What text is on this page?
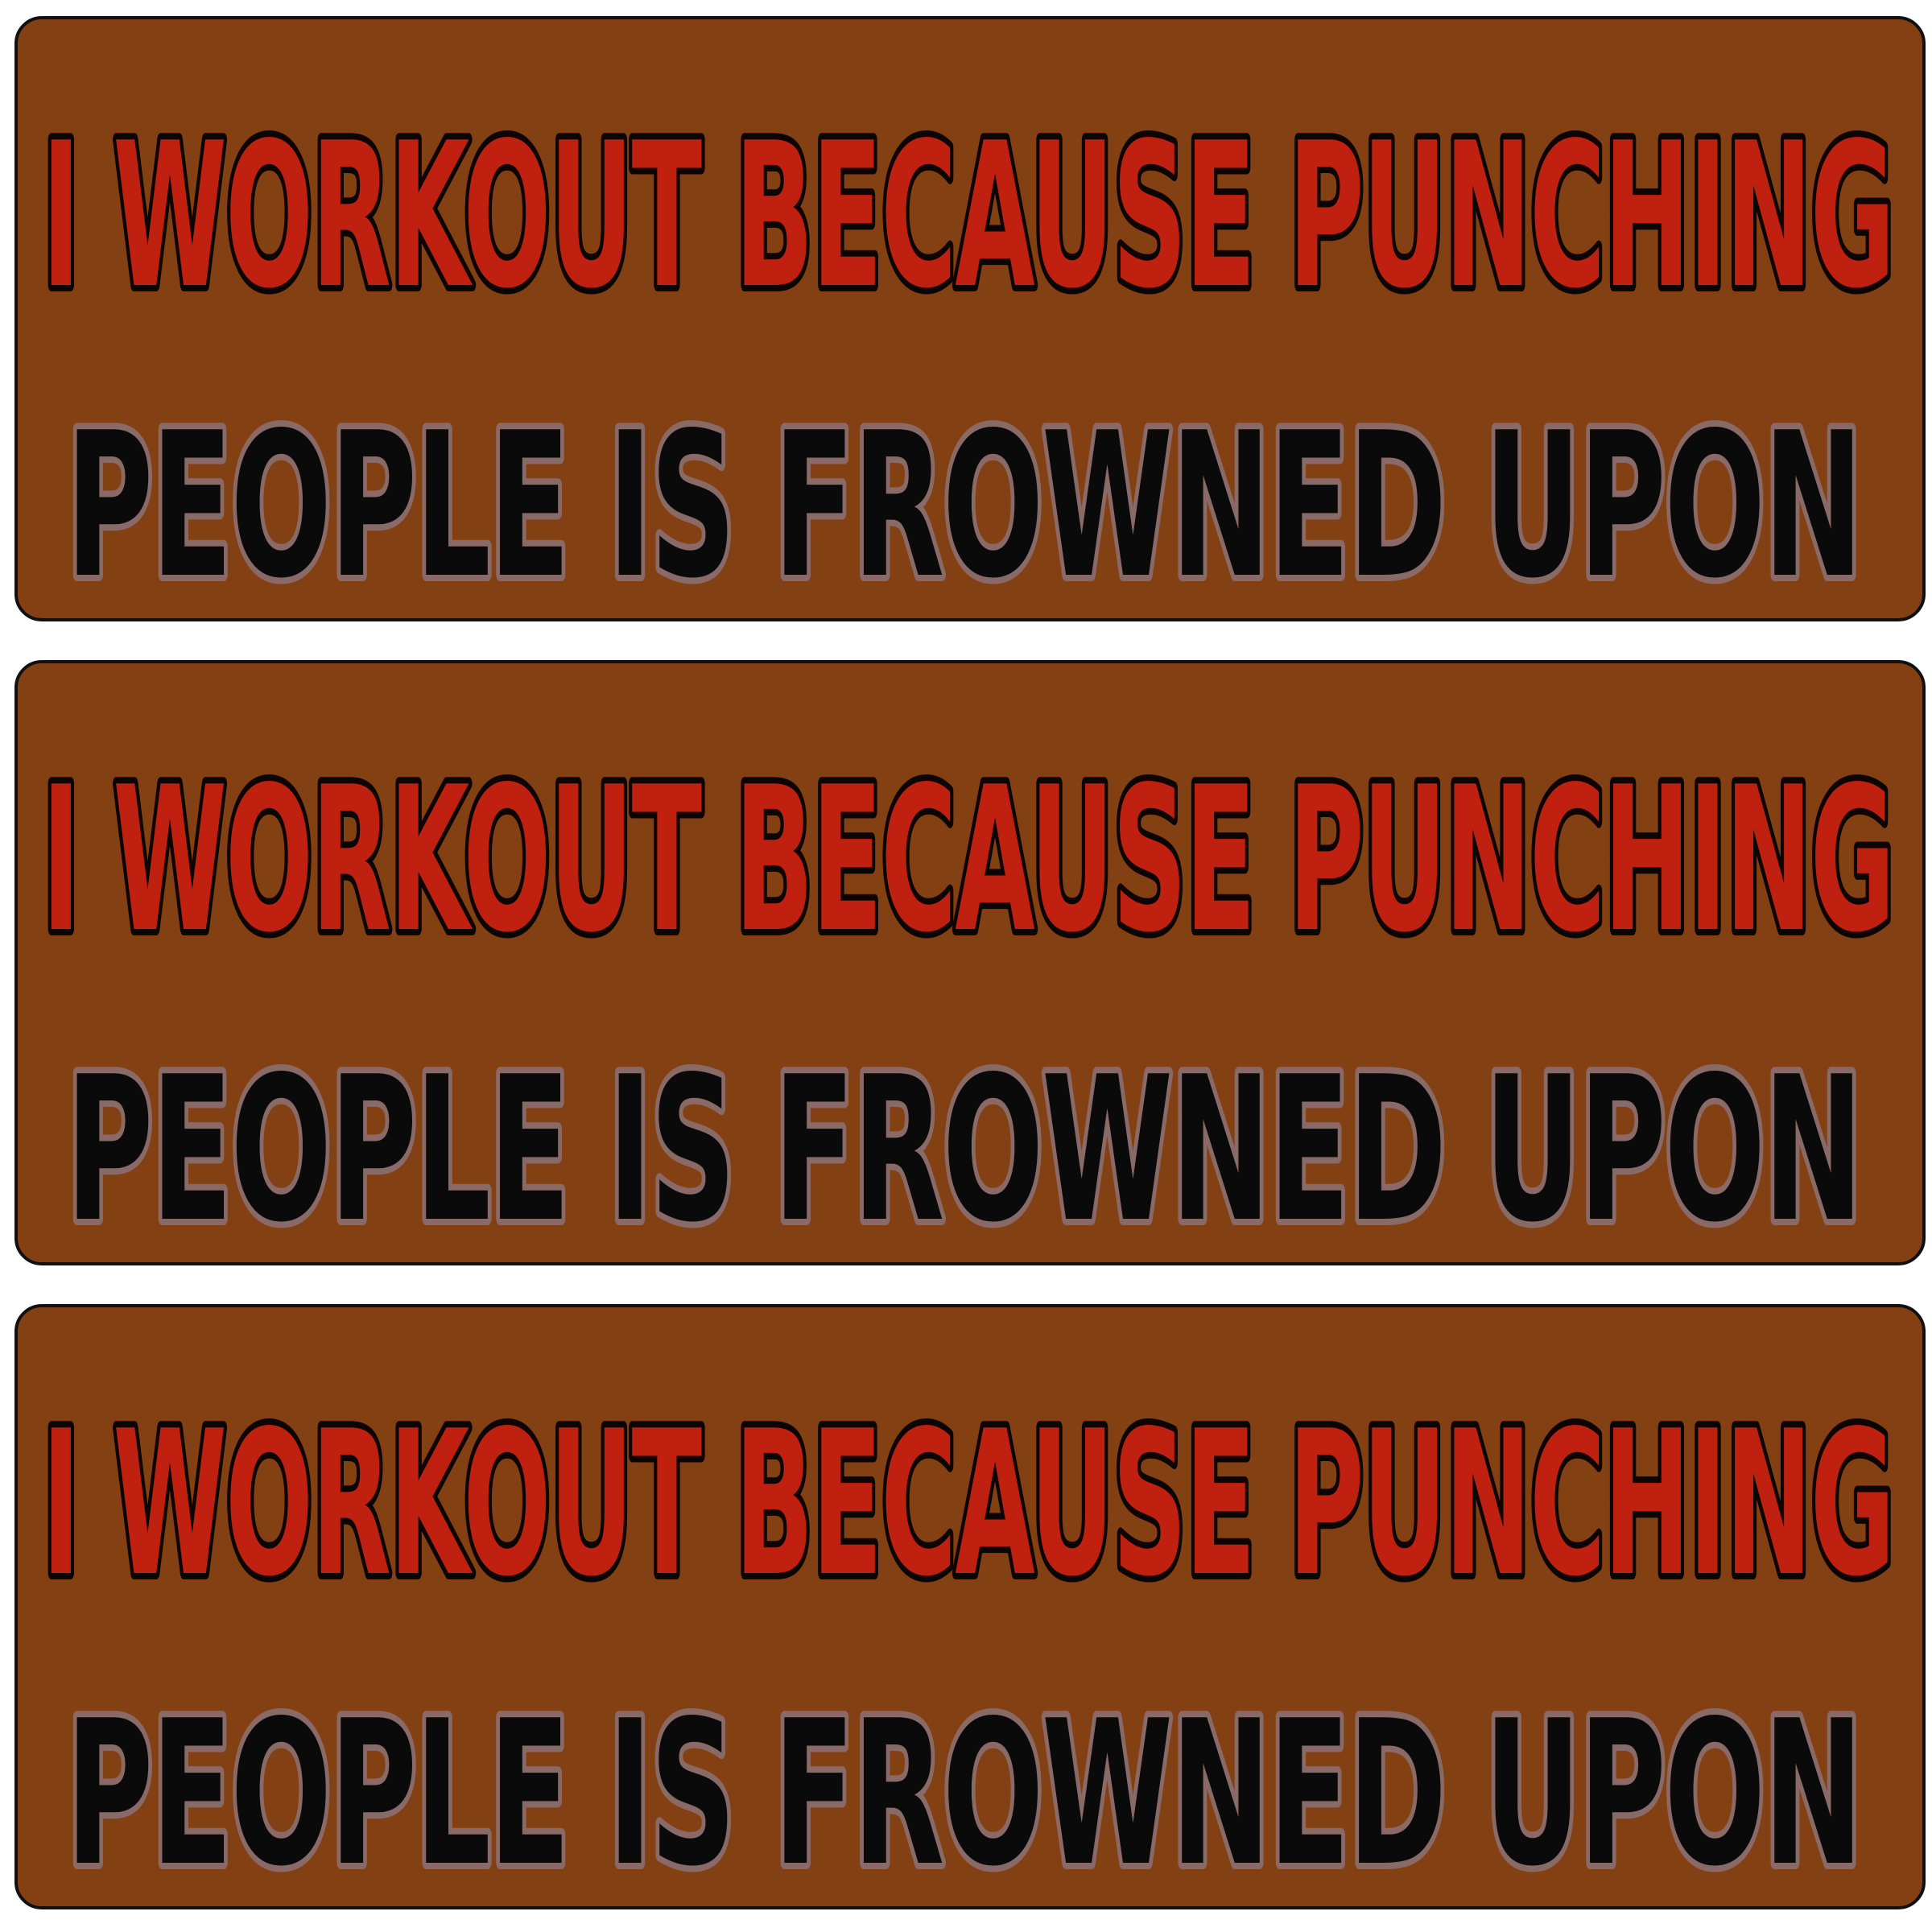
I WORKOUT BECAUSE PUNCHING
PEOPLE IS FROWNED UPON
I WORKOUT BECAUSE PUNCHING
PEOPLE IS FROWNED UPON
I WORKOUT BECAUSE PUNCHING
PEOPLE IS FROWNED UPON
